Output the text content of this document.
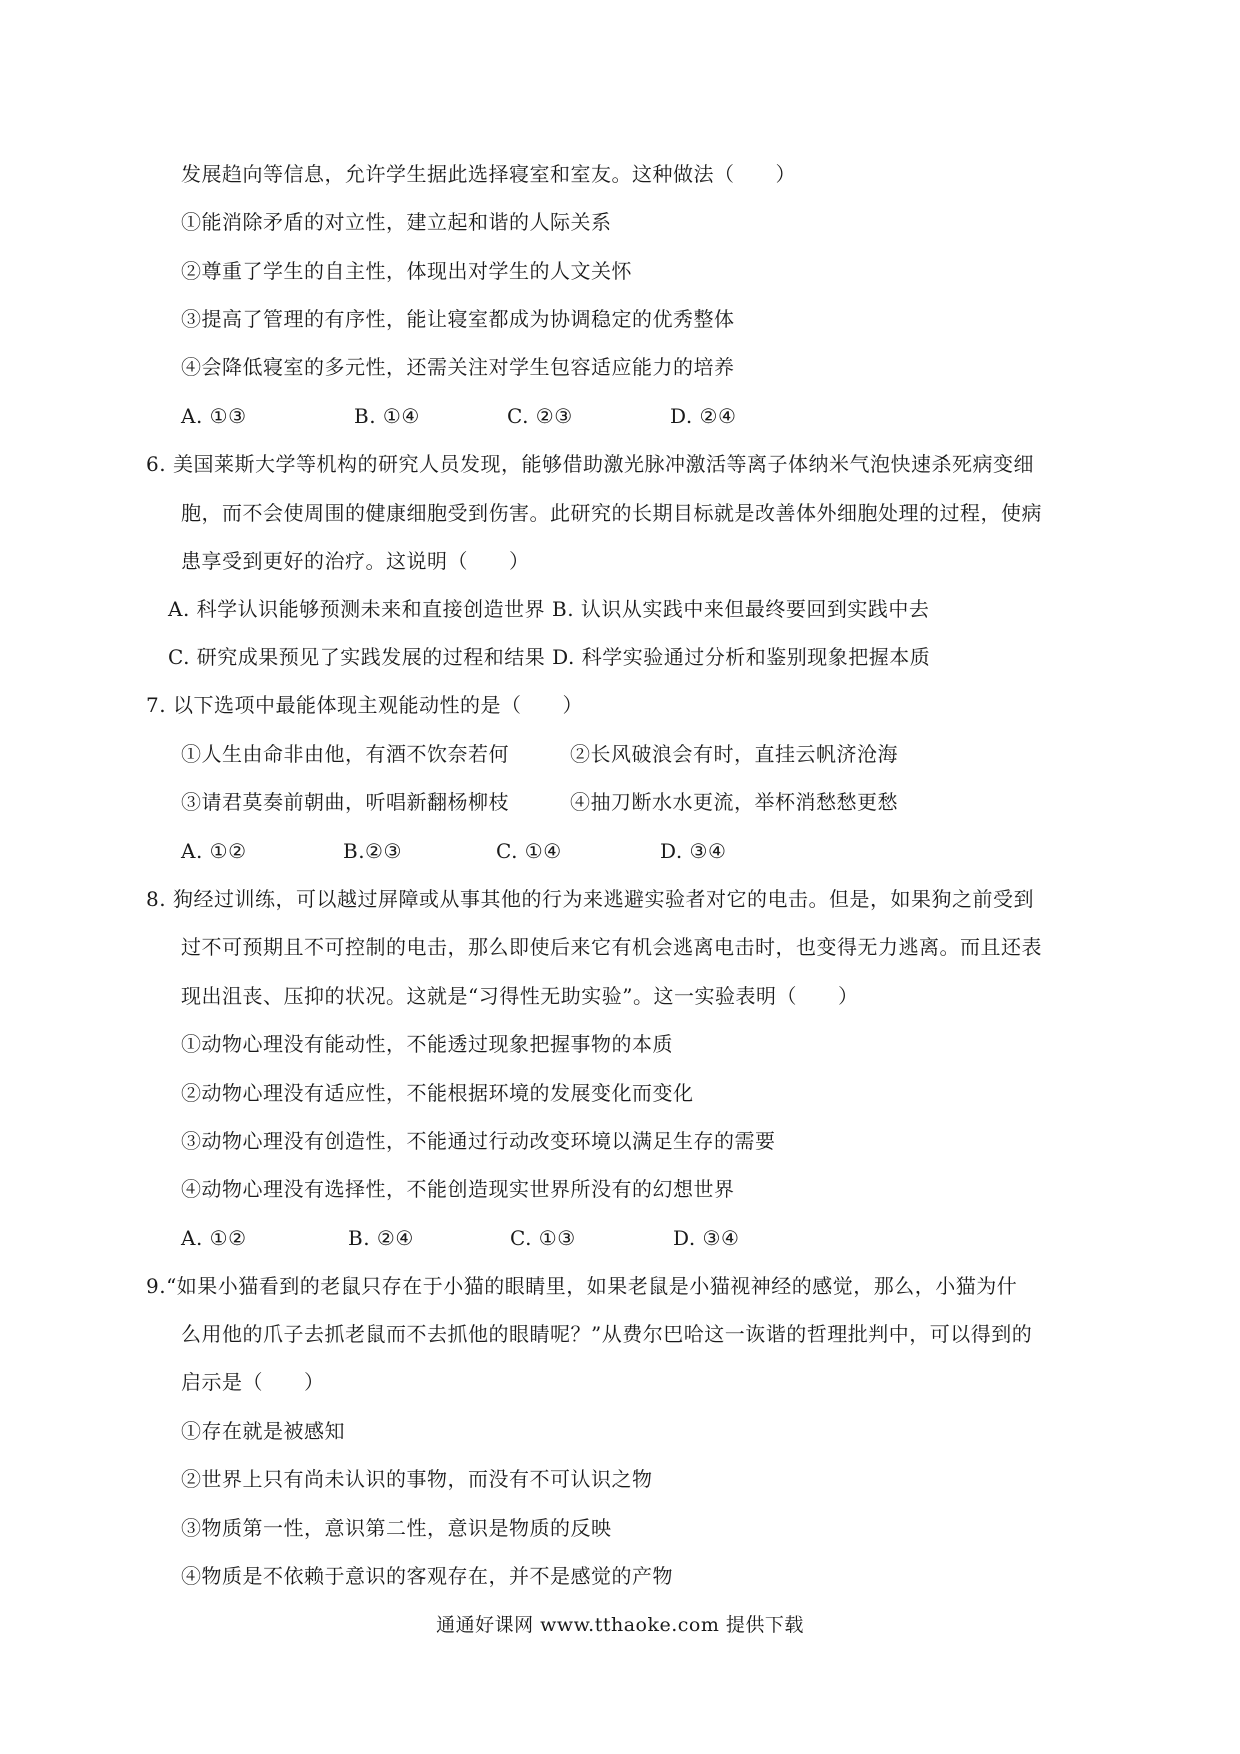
发展趋向等信息，允许学生据此选择寝室和室友。这种做法（　　）
①能消除矛盾的对立性，建立起和谐的人际关系
②尊重了学生的自主性，体现出对学生的人文关怀
③提高了管理的有序性，能让寝室都成为协调稳定的优秀整体
④会降低寝室的多元性，还需关注对学生包容适应能力的培养
A. ①③	B. ①④	C. ②③	D. ②④
6. 美国莱斯大学等机构的研究人员发现，能够借助激光脉冲激活等离子体纳米气泡快速杀死病变细
胞，而不会使周围的健康细胞受到伤害。此研究的长期目标就是改善体外细胞处理的过程，使病
患享受到更好的治疗。这说明（　　）
A. 科学认识能够预测未来和直接创造世界 B. 认识从实践中来但最终要回到实践中去
C. 研究成果预见了实践发展的过程和结果 D. 科学实验通过分析和鉴别现象把握本质
7. 以下选项中最能体现主观能动性的是（　　）
①人生由命非由他，有酒不饮奈若何	②长风破浪会有时，直挂云帆济沧海
③请君莫奏前朝曲，听唱新翻杨柳枝	④抽刀断水水更流，举杯消愁愁更愁
A. ①②	B.②③	C. ①④	D. ③④
8. 狗经过训练，可以越过屏障或从事其他的行为来逃避实验者对它的电击。但是，如果狗之前受到
过不可预期且不可控制的电击，那么即使后来它有机会逃离电击时，也变得无力逃离。而且还表
现出沮丧、压抑的状况。这就是“习得性无助实验”。这一实验表明（　　）
①动物心理没有能动性，不能透过现象把握事物的本质
②动物心理没有适应性，不能根据环境的发展变化而变化
③动物心理没有创造性，不能通过行动改变环境以满足生存的需要
④动物心理没有选择性，不能创造现实世界所没有的幻想世界
A. ①②	B. ②④	C. ①③	D. ③④
9.“如果小猫看到的老鼠只存在于小猫的眼睛里，如果老鼠是小猫视神经的感觉，那么，小猫为什
么用他的爪子去抓老鼠而不去抓他的眼睛呢？”从费尔巴哈这一诙谐的哲理批判中，可以得到的
启示是（　　）
①存在就是被感知
②世界上只有尚未认识的事物，而没有不可认识之物
③物质第一性，意识第二性，意识是物质的反映
④物质是不依赖于意识的客观存在，并不是感觉的产物
通通好课网 www.tthaoke.com 提供下载
